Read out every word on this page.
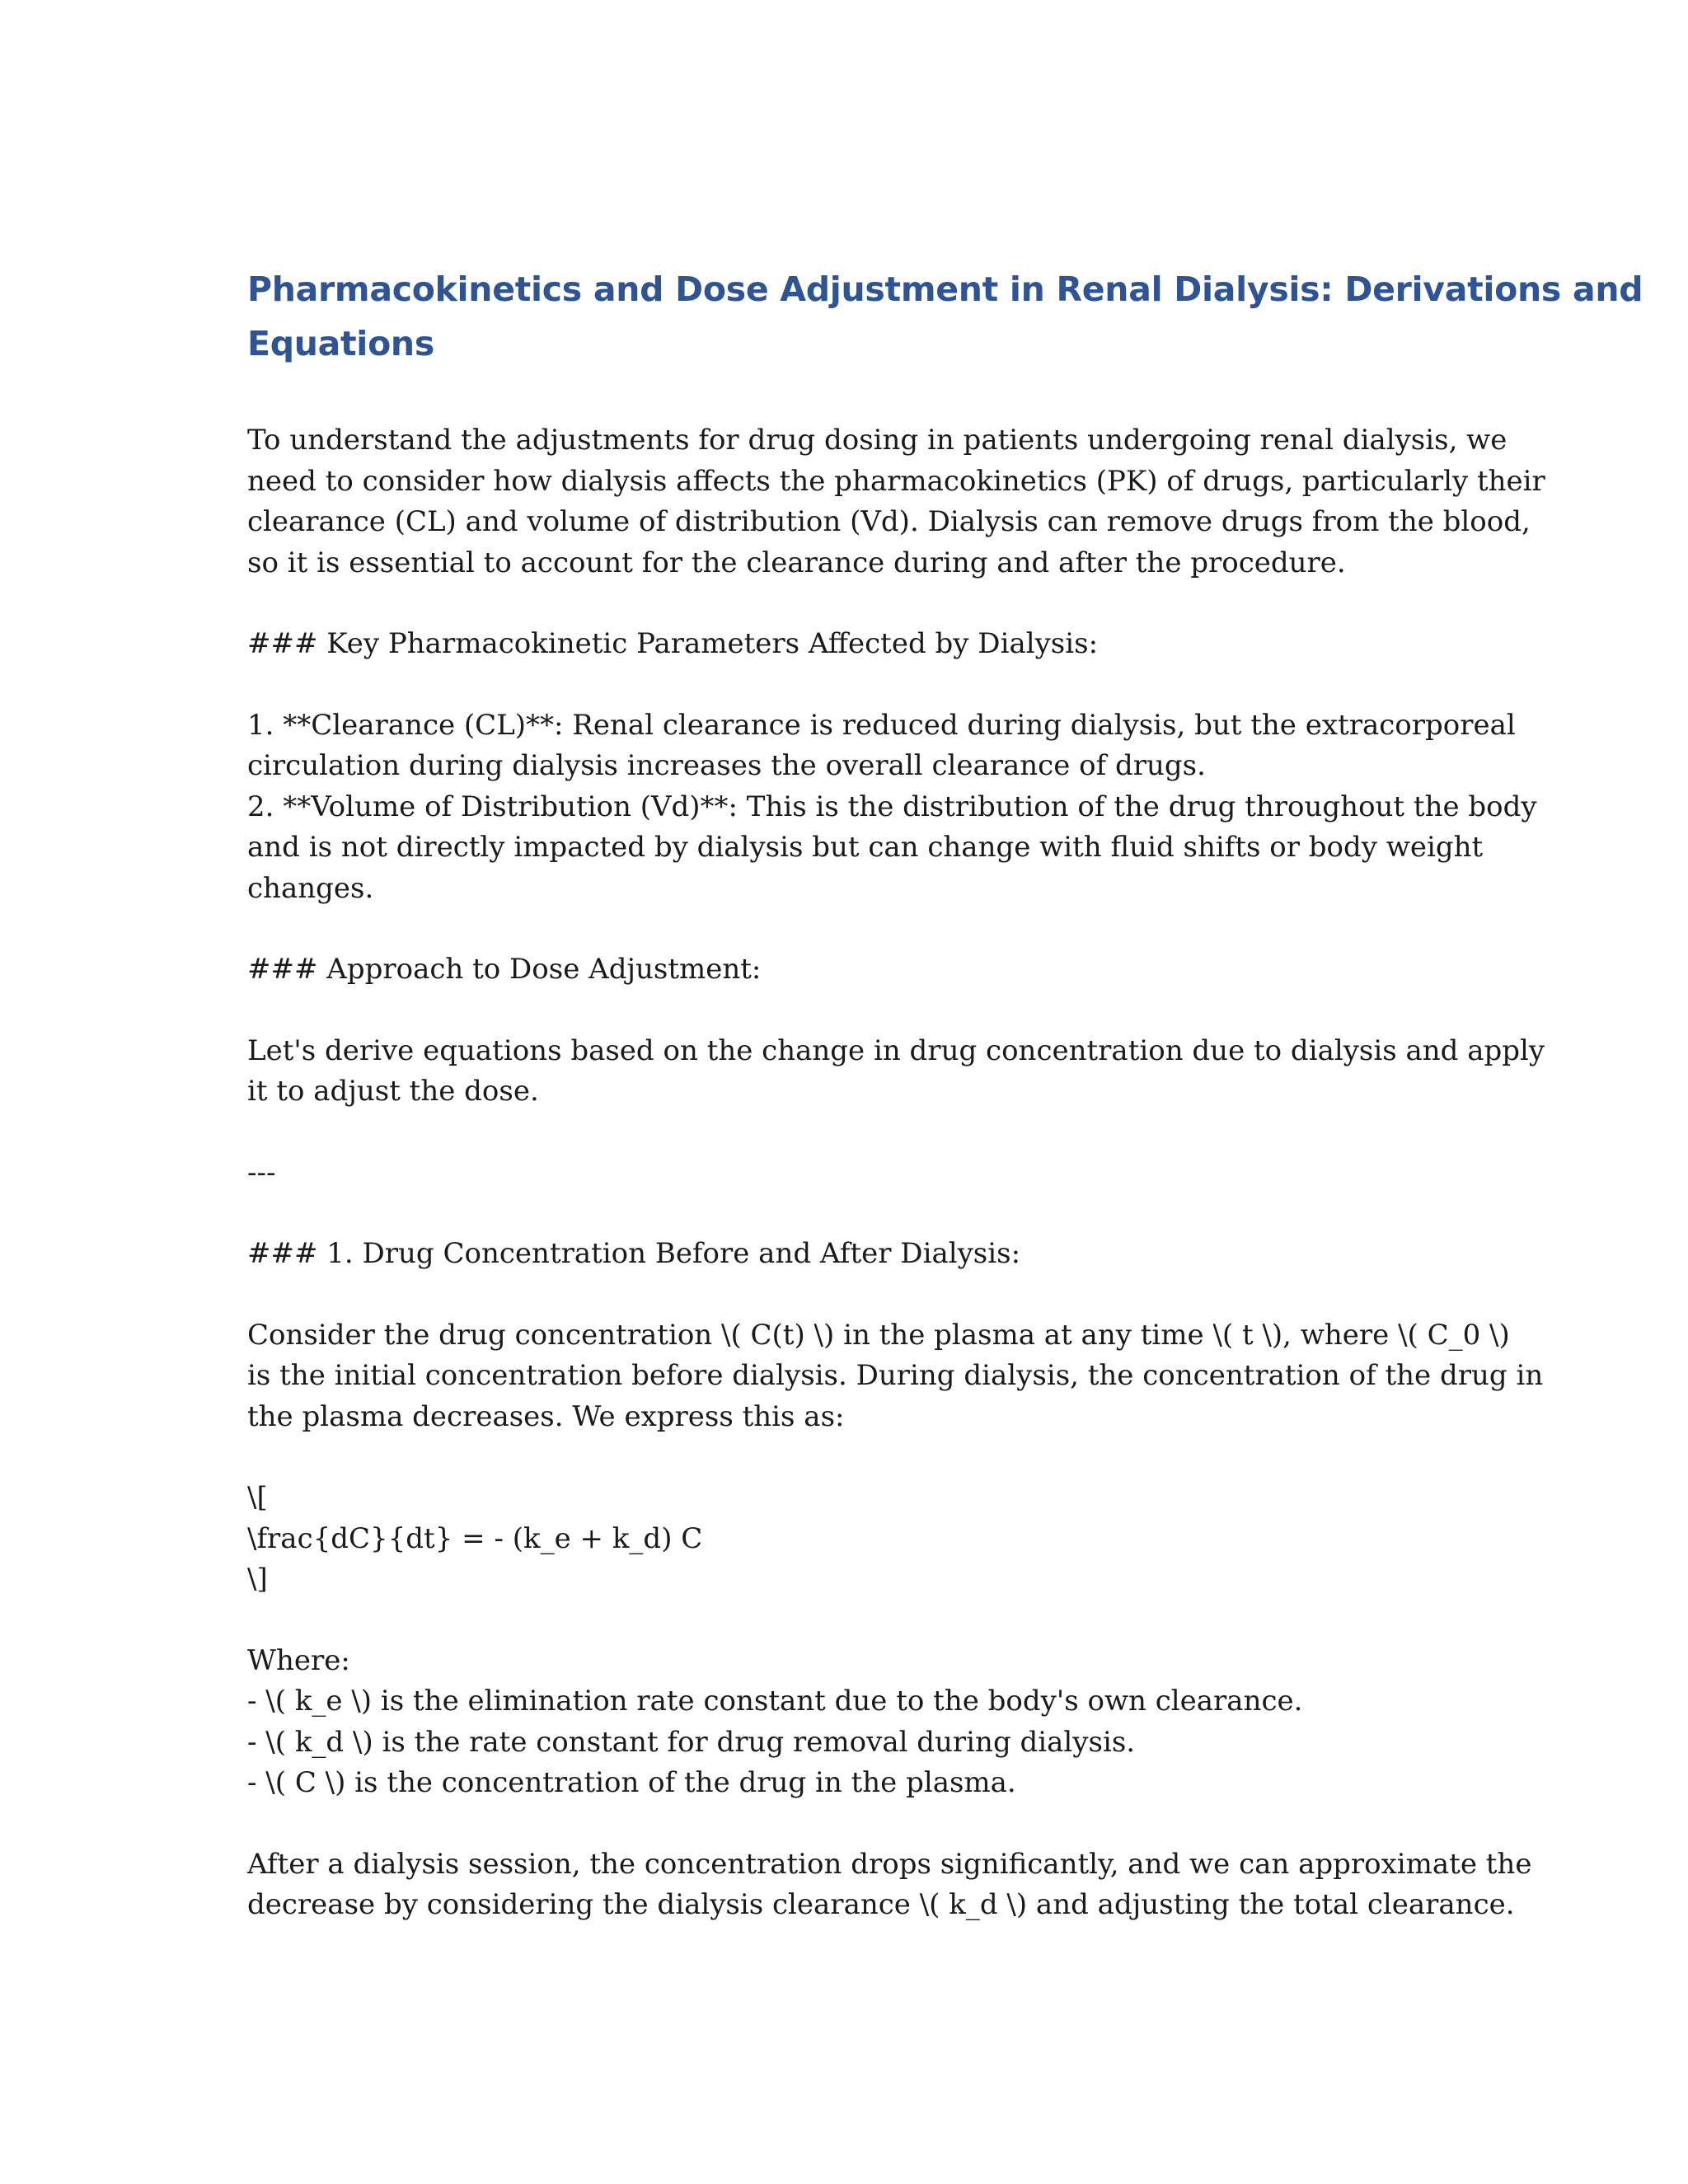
Pharmacokinetics and Dose Adjustment in Renal Dialysis: Derivations and
Equations
To understand the adjustments for drug dosing in patients undergoing renal dialysis, we
need to consider how dialysis affects the pharmacokinetics (PK) of drugs, particularly their
clearance (CL) and volume of distribution (Vd). Dialysis can remove drugs from the blood,
so it is essential to account for the clearance during and after the procedure.
### Key Pharmacokinetic Parameters Affected by Dialysis:
1. **Clearance (CL)**: Renal clearance is reduced during dialysis, but the extracorporeal
circulation during dialysis increases the overall clearance of drugs.
2. **Volume of Distribution (Vd)**: This is the distribution of the drug throughout the body
and is not directly impacted by dialysis but can change with fluid shifts or body weight
changes.
### Approach to Dose Adjustment:
Let's derive equations based on the change in drug concentration due to dialysis and apply
it to adjust the dose.
---
### 1. Drug Concentration Before and After Dialysis:
Consider the drug concentration \( C(t) \) in the plasma at any time \( t \), where \( C_0 \)
is the initial concentration before dialysis. During dialysis, the concentration of the drug in
the plasma decreases. We express this as:
\[
\frac{dC}{dt} = - (k_e + k_d) C
\]
Where:
- \( k_e \) is the elimination rate constant due to the body's own clearance.
- \( k_d \) is the rate constant for drug removal during dialysis.
- \( C \) is the concentration of the drug in the plasma.
After a dialysis session, the concentration drops significantly, and we can approximate the
decrease by considering the dialysis clearance \( k_d \) and adjusting the total clearance.
